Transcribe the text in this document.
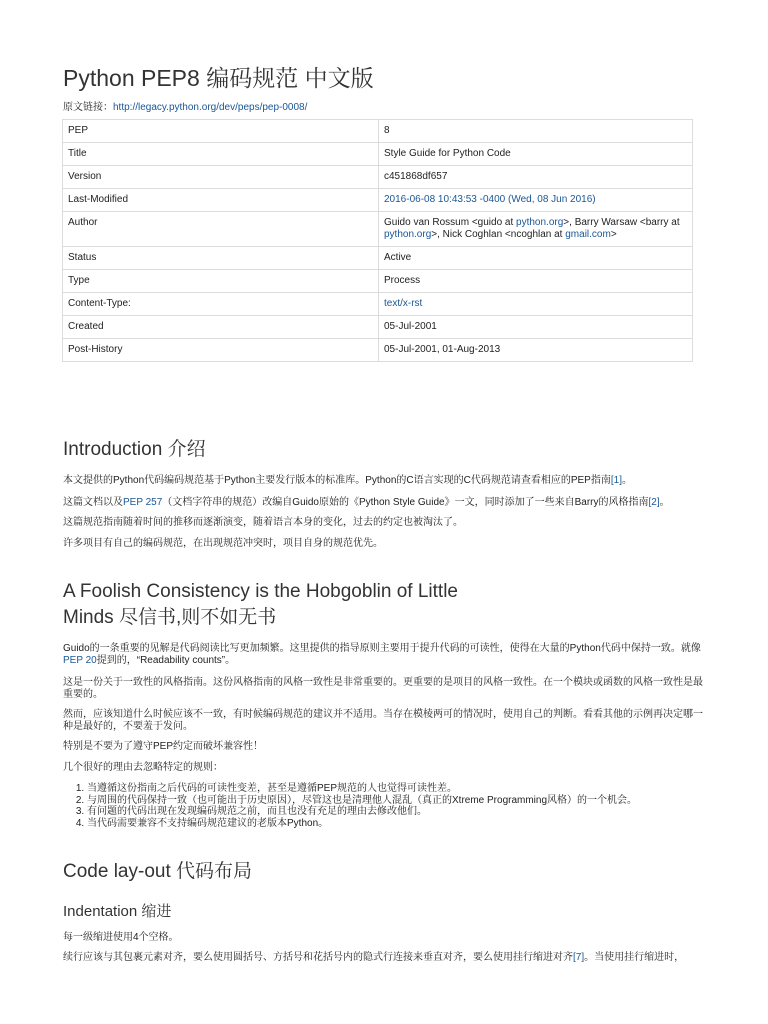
Python PEP8 编码规范 中文版
原文链接：http://legacy.python.org/dev/peps/pep-0008/
PEP	8
Title	Style Guide for Python Code
Version	c451868df657
Last-Modified	2016-06-08 10:43:53 -0400 (Wed, 08 Jun 2016)
Author	Guido van Rossum <guido at python.org>, Barry Warsaw <barry at python.org>, Nick Coghlan <ncoghlan at gmail.com>
Status	Active
Type	Process
Content-Type:	text/x-rst
Created	05-Jul-2001
Post-History	05-Jul-2001, 01-Aug-2013
Introduction 介绍

本文提供的Python代码编码规范基于Python主要发行版本的标准库。Python的C语言实现的C代码规范请查看相应的PEP指南[1]。

这篇文档以及PEP 257（文档字符串的规范）改编自Guido原始的《Python Style Guide》一文，同时添加了一些来自Barry的风格指南[2]。

这篇规范指南随着时间的推移而逐渐演变，随着语言本身的变化，过去的约定也被淘汰了。

许多项目有自己的编码规范，在出现规范冲突时，项目自身的规范优先。

A Foolish Consistency is the Hobgoblin of Little
Minds 尽信书,则不如无书

Guido的一条重要的见解是代码阅读比写更加频繁。这里提供的指导原则主要用于提升代码的可读性，使得在大量的Python代码中保持一致。就像PEP 20提到的，“Readability counts”。

这是一份关于一致性的风格指南。这份风格指南的风格一致性是非常重要的。更重要的是项目的风格一致性。在一个模块或函数的风格一致性是最重要的。

然而，应该知道什么时候应该不一致，有时候编码规范的建议并不适用。当存在模棱两可的情况时，使用自己的判断。看看其他的示例再决定哪一种是最好的，不要羞于发问。

特别是不要为了遵守PEP约定而破坏兼容性！

几个很好的理由去忽略特定的规则：

1. 当遵循这份指南之后代码的可读性变差，甚至是遵循PEP规范的人也觉得可读性差。
2. 与周围的代码保持一致（也可能出于历史原因），尽管这也是清理他人混乱（真正的Xtreme Programming风格）的一个机会。
3. 有问题的代码出现在发现编码规范之前，而且也没有充足的理由去修改他们。
4. 当代码需要兼容不支持编码规范建议的老版本Python。
Code lay-out 代码布局
Indentation 缩进

每一级缩进使用4个空格。

续行应该与其包裹元素对齐，要么使用圆括号、方括号和花括号内的隐式行连接来垂直对齐，要么使用挂行缩进对齐[7]。当使用挂行缩进时，
